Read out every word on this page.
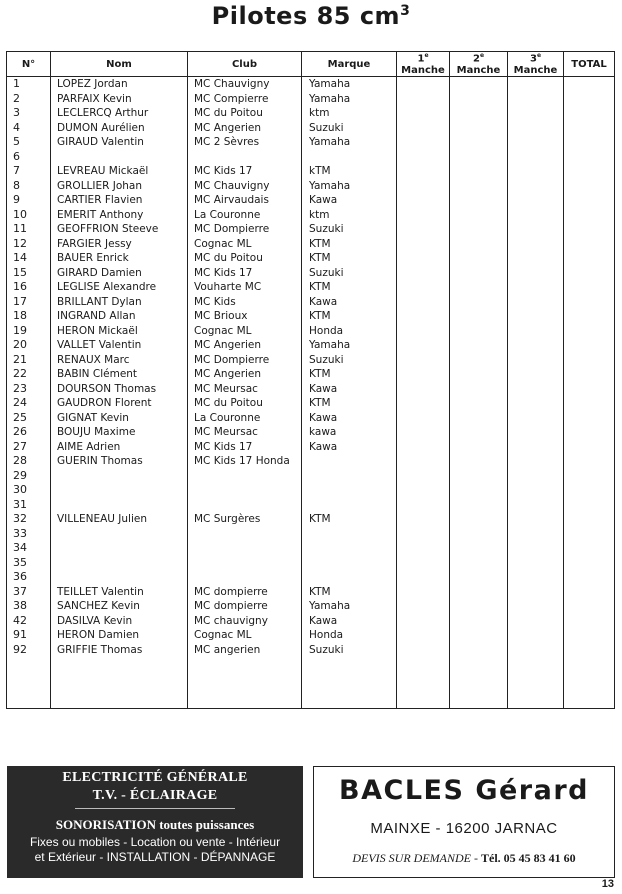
Pilotes 85 $cm^3$
N°	Nom	Club	Marque	1e Manche	2e Manche	3e Manche	TOTAL
1	LOPEZ Jordan	MC Chauvigny	Yamaha				
2	PARFAIX Kevin	MC Compierre	Yamaha				
3	LECLERCQ Arthur	MC du Poitou	ktm				
4	DUMON Aurélien	MC Angerien	Suzuki				
5	GIRAUD Valentin	MC 2 Sèvres	Yamaha				
6							
7	LEVREAU Mickaël	MC Kids 17	kTM				
8	GROLLIER Johan	MC Chauvigny	Yamaha				
9	CARTIER Flavien	MC Airvaudais	Kawa				
10	EMERIT Anthony	La Couronne	ktm				
11	GEOFFRION Steeve	MC Dompierre	Suzuki				
12	FARGIER Jessy	Cognac ML	KTM				
14	BAUER Enrick	MC du Poitou	KTM				
15	GIRARD Damien	MC Kids 17	Suzuki				
16	LEGLISE Alexandre	Vouharte MC	KTM				
17	BRILLANT Dylan	MC Kids	Kawa				
18	INGRAND Allan	MC Brioux	KTM				
19	HERON Mickaël	Cognac ML	Honda				
20	VALLET Valentin	MC Angerien	Yamaha				
21	RENAUX Marc	MC Dompierre	Suzuki				
22	BABIN Clément	MC Angerien	KTM				
23	DOURSON Thomas	MC Meursac	Kawa				
24	GAUDRON Florent	MC du Poitou	KTM				
25	GIGNAT Kevin	La Couronne	Kawa				
26	BOUJU Maxime	MC Meursac	kawa				
27	AIME Adrien	MC Kids 17	Kawa				
28	GUERIN Thomas	MC Kids 17 Honda					
29							
30							
31							
32	VILLENEAU Julien	MC Surgères	KTM				
33							
34							
35							
36							
37	TEILLET Valentin	MC dompierre	KTM				
38	SANCHEZ Kevin	MC dompierre	Yamaha				
42	DASILVA Kevin	MC chauvigny	Kawa				
91	HERON Damien	Cognac ML	Honda				
92	GRIFFIE Thomas	MC angerien	Suzuki				

ELECTRICITÉ GÉNÉRALE
T.V. - ÉCLAIRAGE
SONORISATION toutes puissances
Fixes ou mobiles - Location ou vente - Intérieur
et Extérieur - INSTALLATION - DÉPANNAGE
BACLES Gérard
MAINXE - 16200 JARNAC
DEVIS SUR DEMANDE - Tél. 05 45 83 41 60
13
